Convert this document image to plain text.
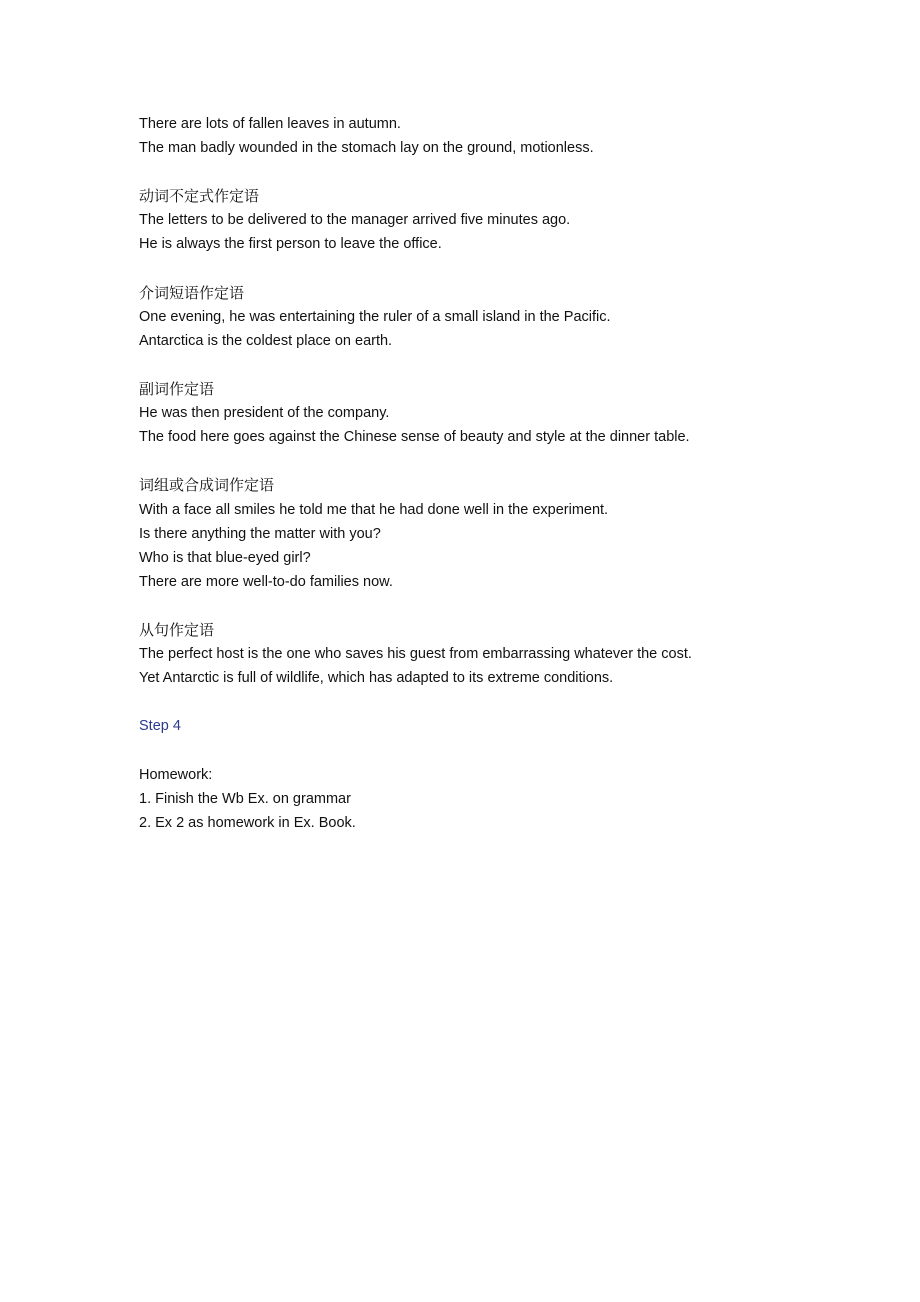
There are lots of fallen leaves in autumn.
The man badly wounded in the stomach lay on the ground, motionless.
动词不定式作定语
The letters to be delivered to the manager arrived five minutes ago.
He is always the first person to leave the office.
介词短语作定语
One evening, he was entertaining the ruler of a small island in the Pacific.
Antarctica is the coldest place on earth.
副词作定语
He was then president of the company.
The food here goes against the Chinese sense of beauty and style at the dinner table.
词组或合成词作定语
With a face all smiles he told me that he had done well in the experiment.
Is there anything the matter with you?
Who is that blue-eyed girl?
There are more well-to-do families now.
从句作定语
The perfect host is the one who saves his guest from embarrassing whatever the cost.
Yet Antarctic is full of wildlife, which has adapted to its extreme conditions.
Step 4
Homework:
1. Finish the Wb Ex. on grammar
2. Ex 2 as homework in Ex. Book.
